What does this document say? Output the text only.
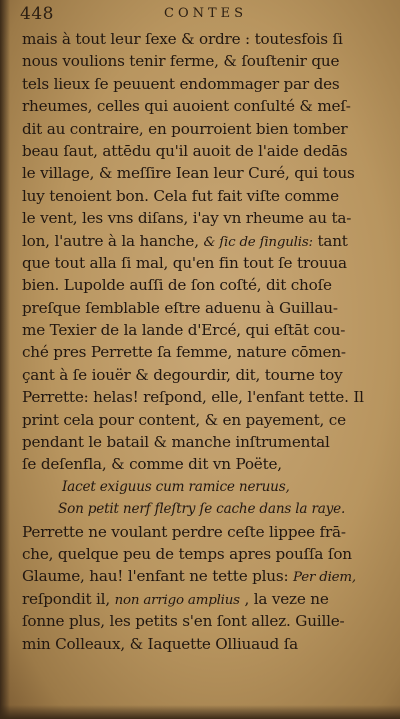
448	CONTES
mais à tout leur ſexe & ordre : toutesfois ſi
nous voulions tenir ferme, & ſouſtenir que
tels lieux ſe peuuent endommager par des
rheumes, celles qui auoient conſulté & meſ-
dit au contraire, en pourroient bien tomber
beau ſaut, attēdu qu'il auoit de l'aide dedās
le village, & meſſire Iean leur Curé, qui tous
luy tenoient bon. Cela fut fait viſte comme
le vent, les vns diſans, i'ay vn rheume au ta-
lon, l'autre à la hanche, & ſic de ſingulis: tant
que tout alla ſi mal, qu'en fin tout ſe trouua
bien. Lupolde auſſi de ſon coſté, dit choſe
preſque ſemblable eſtre aduenu à Guillau-
me Texier de la lande d'Ercé, qui eſtāt cou-
ché pres Perrette ſa femme, nature cōmen-
çant à ſe iouër & degourdir, dit, tourne toy
Perrette: helas! reſpond, elle, l'enfant tette. Il
print cela pour content, & en payement, ce
pendant le batail & manche inſtrumental
ſe deſenfla, & comme dit vn Poëte,
Iacet exiguus cum ramice neruus,
Son petit nerf fleſtry ſe cache dans la raye.
Perrette ne voulant perdre ceſte lippee frā-
che, quelque peu de temps apres pouſſa ſon
Glaume, hau! l'enfant ne tette plus: Per diem,
reſpondit il, non arrigo amplius , la veze ne
ſonne plus, les petits s'en ſont allez. Guille-
min Colleaux, & Iaquette Olliuaud ſa
